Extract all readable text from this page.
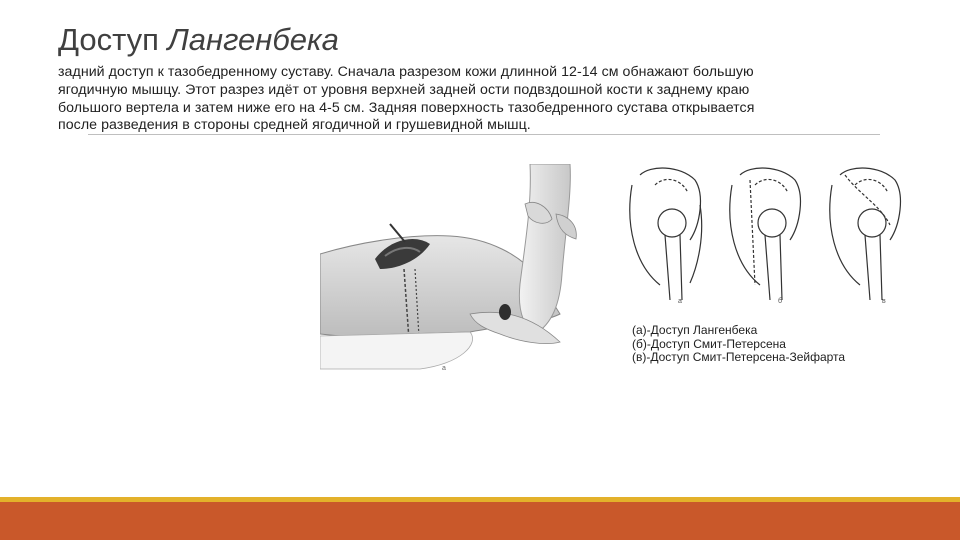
Доступ Лангенбека
задний доступ к тазобедренному суставу. Сначала разрезом кожи длинной 12-14 см обнажают большую
ягодичную мышцу. Этот разрез идёт от уровня верхней задней ости подвздошной кости к заднему краю
большого вертела и затем ниже его на 4-5 см. Задняя поверхность тазобедренного сустава открывается
после разведения в стороны средней ягодичной и грушевидной мышц.
a
a	б	в
(а)-Доступ Лангенбека
(б)-Доступ Смит-Петерсена
(в)-Доступ Смит-Петерсена-Зейфарта
